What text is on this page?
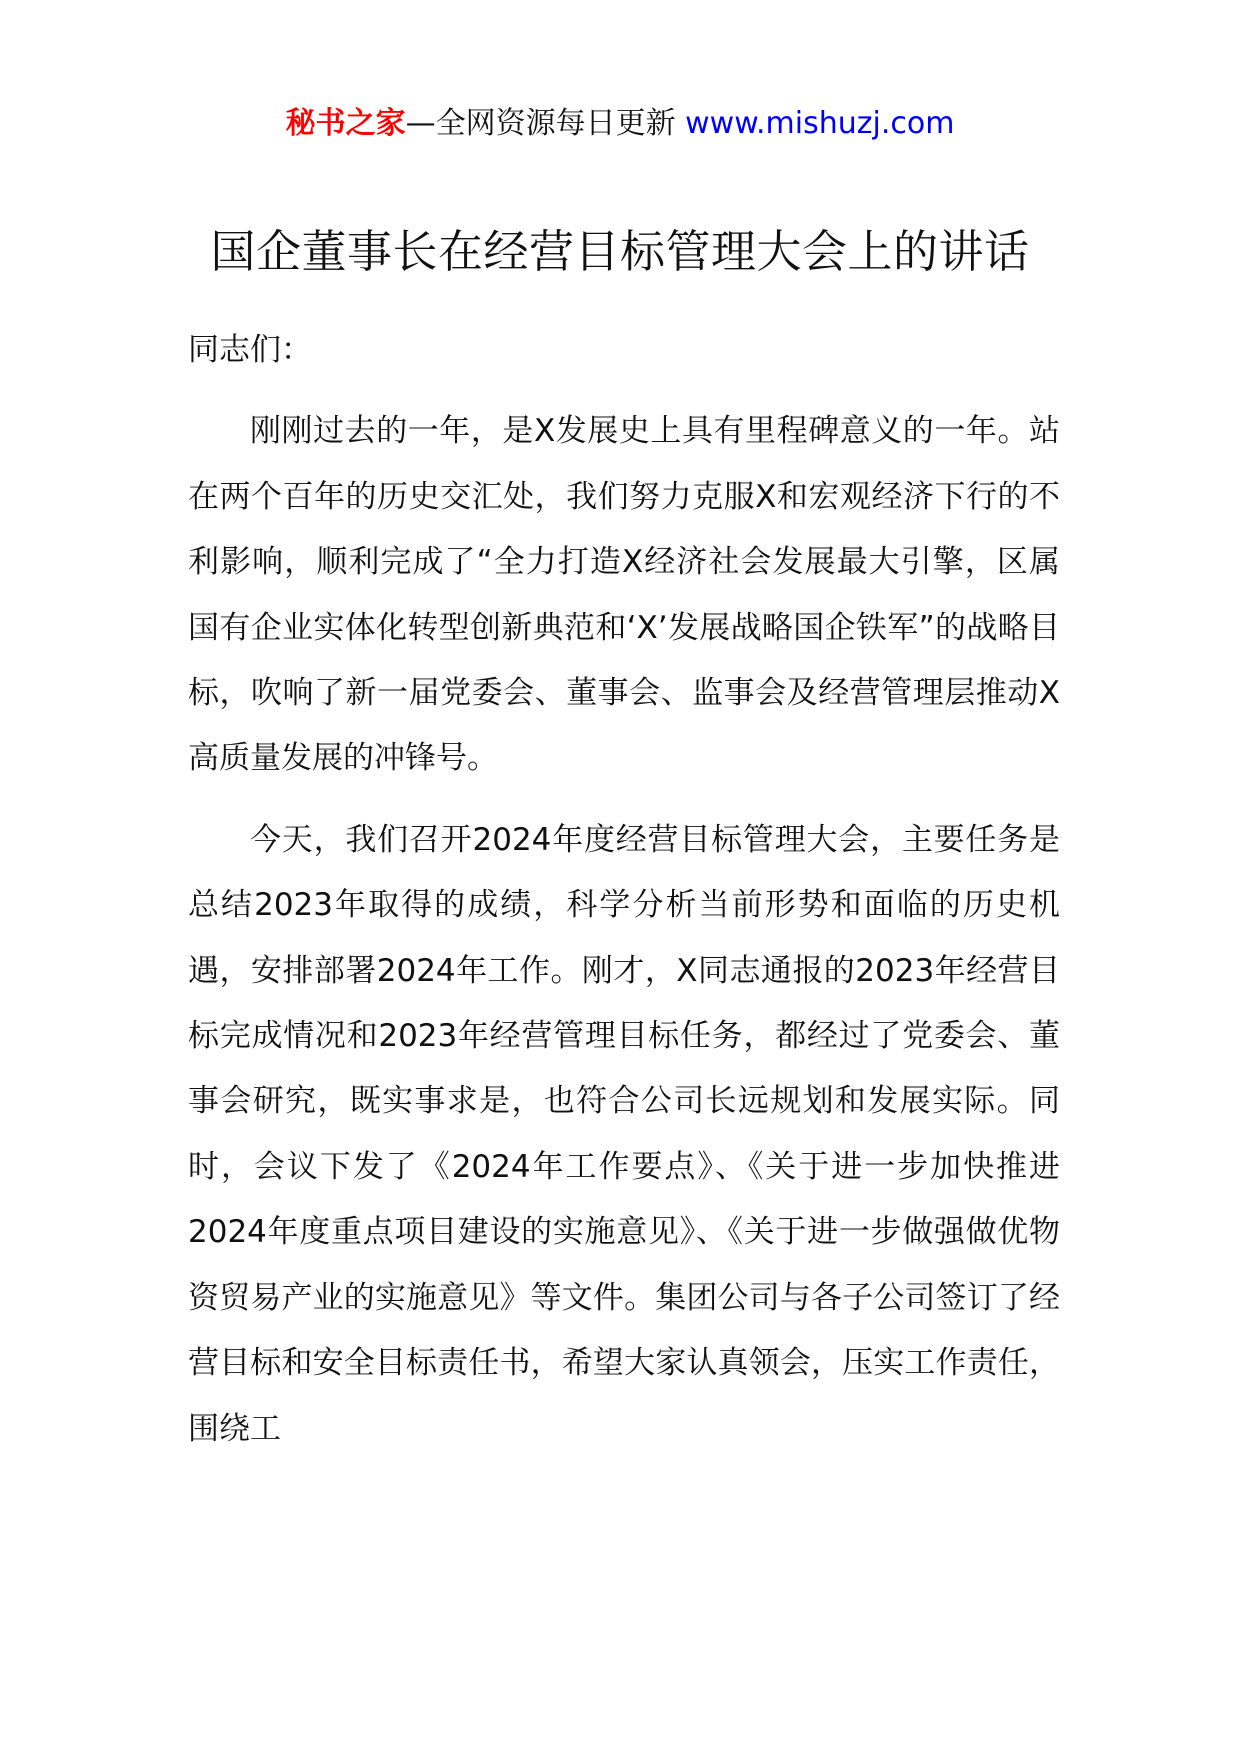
秘书之家—全网资源每日更新 www.mishuzj.com
国企董事长在经营目标管理大会上的讲话

同志们：

刚刚过去的一年，是X发展史上具有里程碑意义的一年。站在两个百年的历史交汇处，我们努力克服X和宏观经济下行的不利影响，顺利完成了“全力打造X经济社会发展最大引擎，区属国有企业实体化转型创新典范和‘X’发展战略国企铁军”的战略目标，吹响了新一届党委会、董事会、监事会及经营管理层推动X高质量发展的冲锋号。

今天，我们召开2024年度经营目标管理大会，主要任务是总结2023年取得的成绩，科学分析当前形势和面临的历史机遇，安排部署2024年工作。刚才，X同志通报的2023年经营目标完成情况和2023年经营管理目标任务，都经过了党委会、董事会研究，既实事求是，也符合公司长远规划和发展实际。同时，会议下发了《2024年工作要点》、《关于进一步加快推进2024年度重点项目建设的实施意见》、《关于进一步做强做优物资贸易产业的实施意见》等文件。集团公司与各子公司签订了经营目标和安全目标责任书，希望大家认真领会，压实工作责任，围绕工
